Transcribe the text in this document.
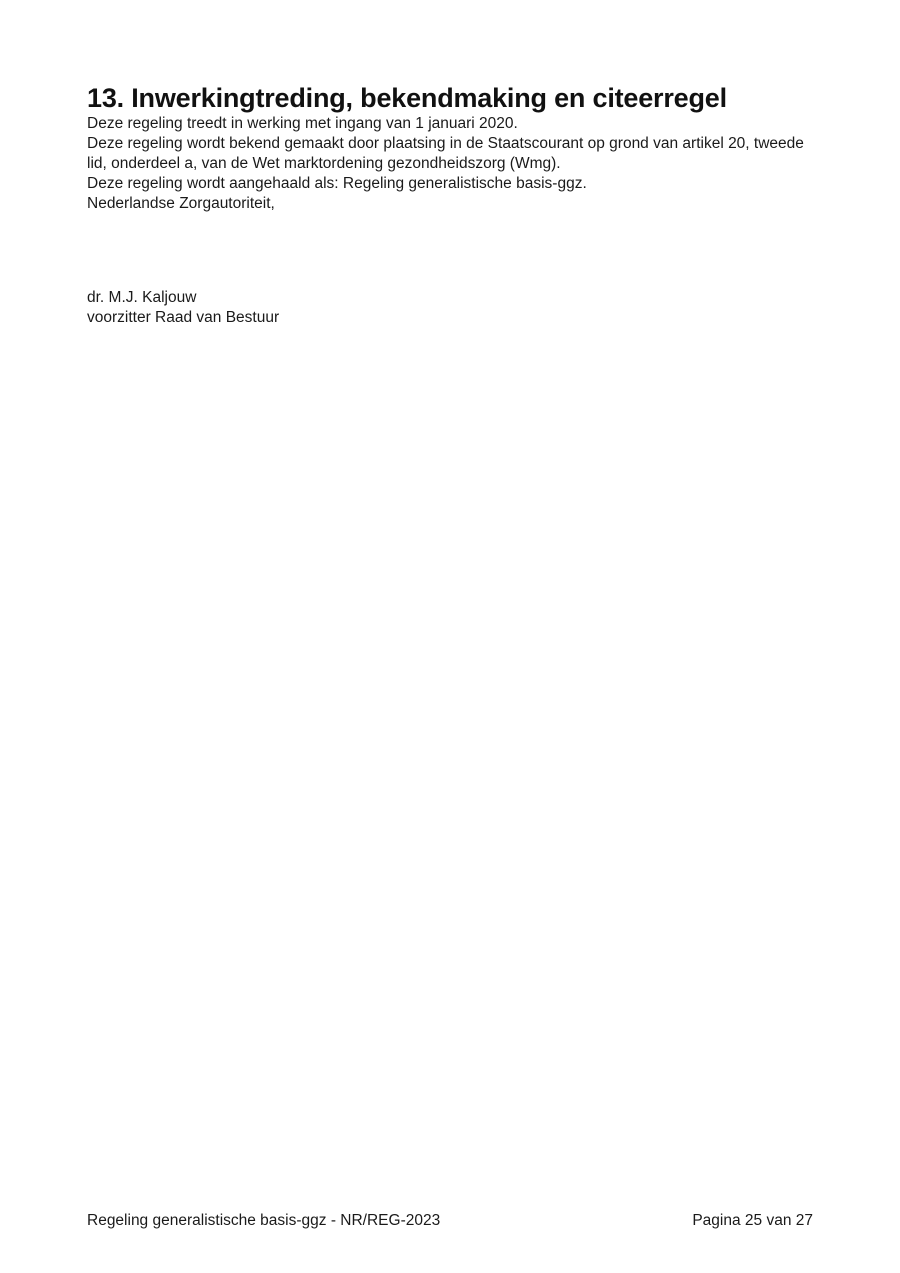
13. Inwerkingtreding, bekendmaking en citeerregel

Deze regeling treedt in werking met ingang van 1 januari 2020.

Deze regeling wordt bekend gemaakt door plaatsing in de Staatscourant op grond van artikel 20, tweede lid, onderdeel a, van de Wet marktordening gezondheidszorg (Wmg).

Deze regeling wordt aangehaald als: Regeling generalistische basis-ggz.

Nederlandse Zorgautoriteit,

dr. M.J. Kaljouw

voorzitter Raad van Bestuur

Regeling generalistische basis-ggz - NR/REG-2023	Pagina 25 van 27
